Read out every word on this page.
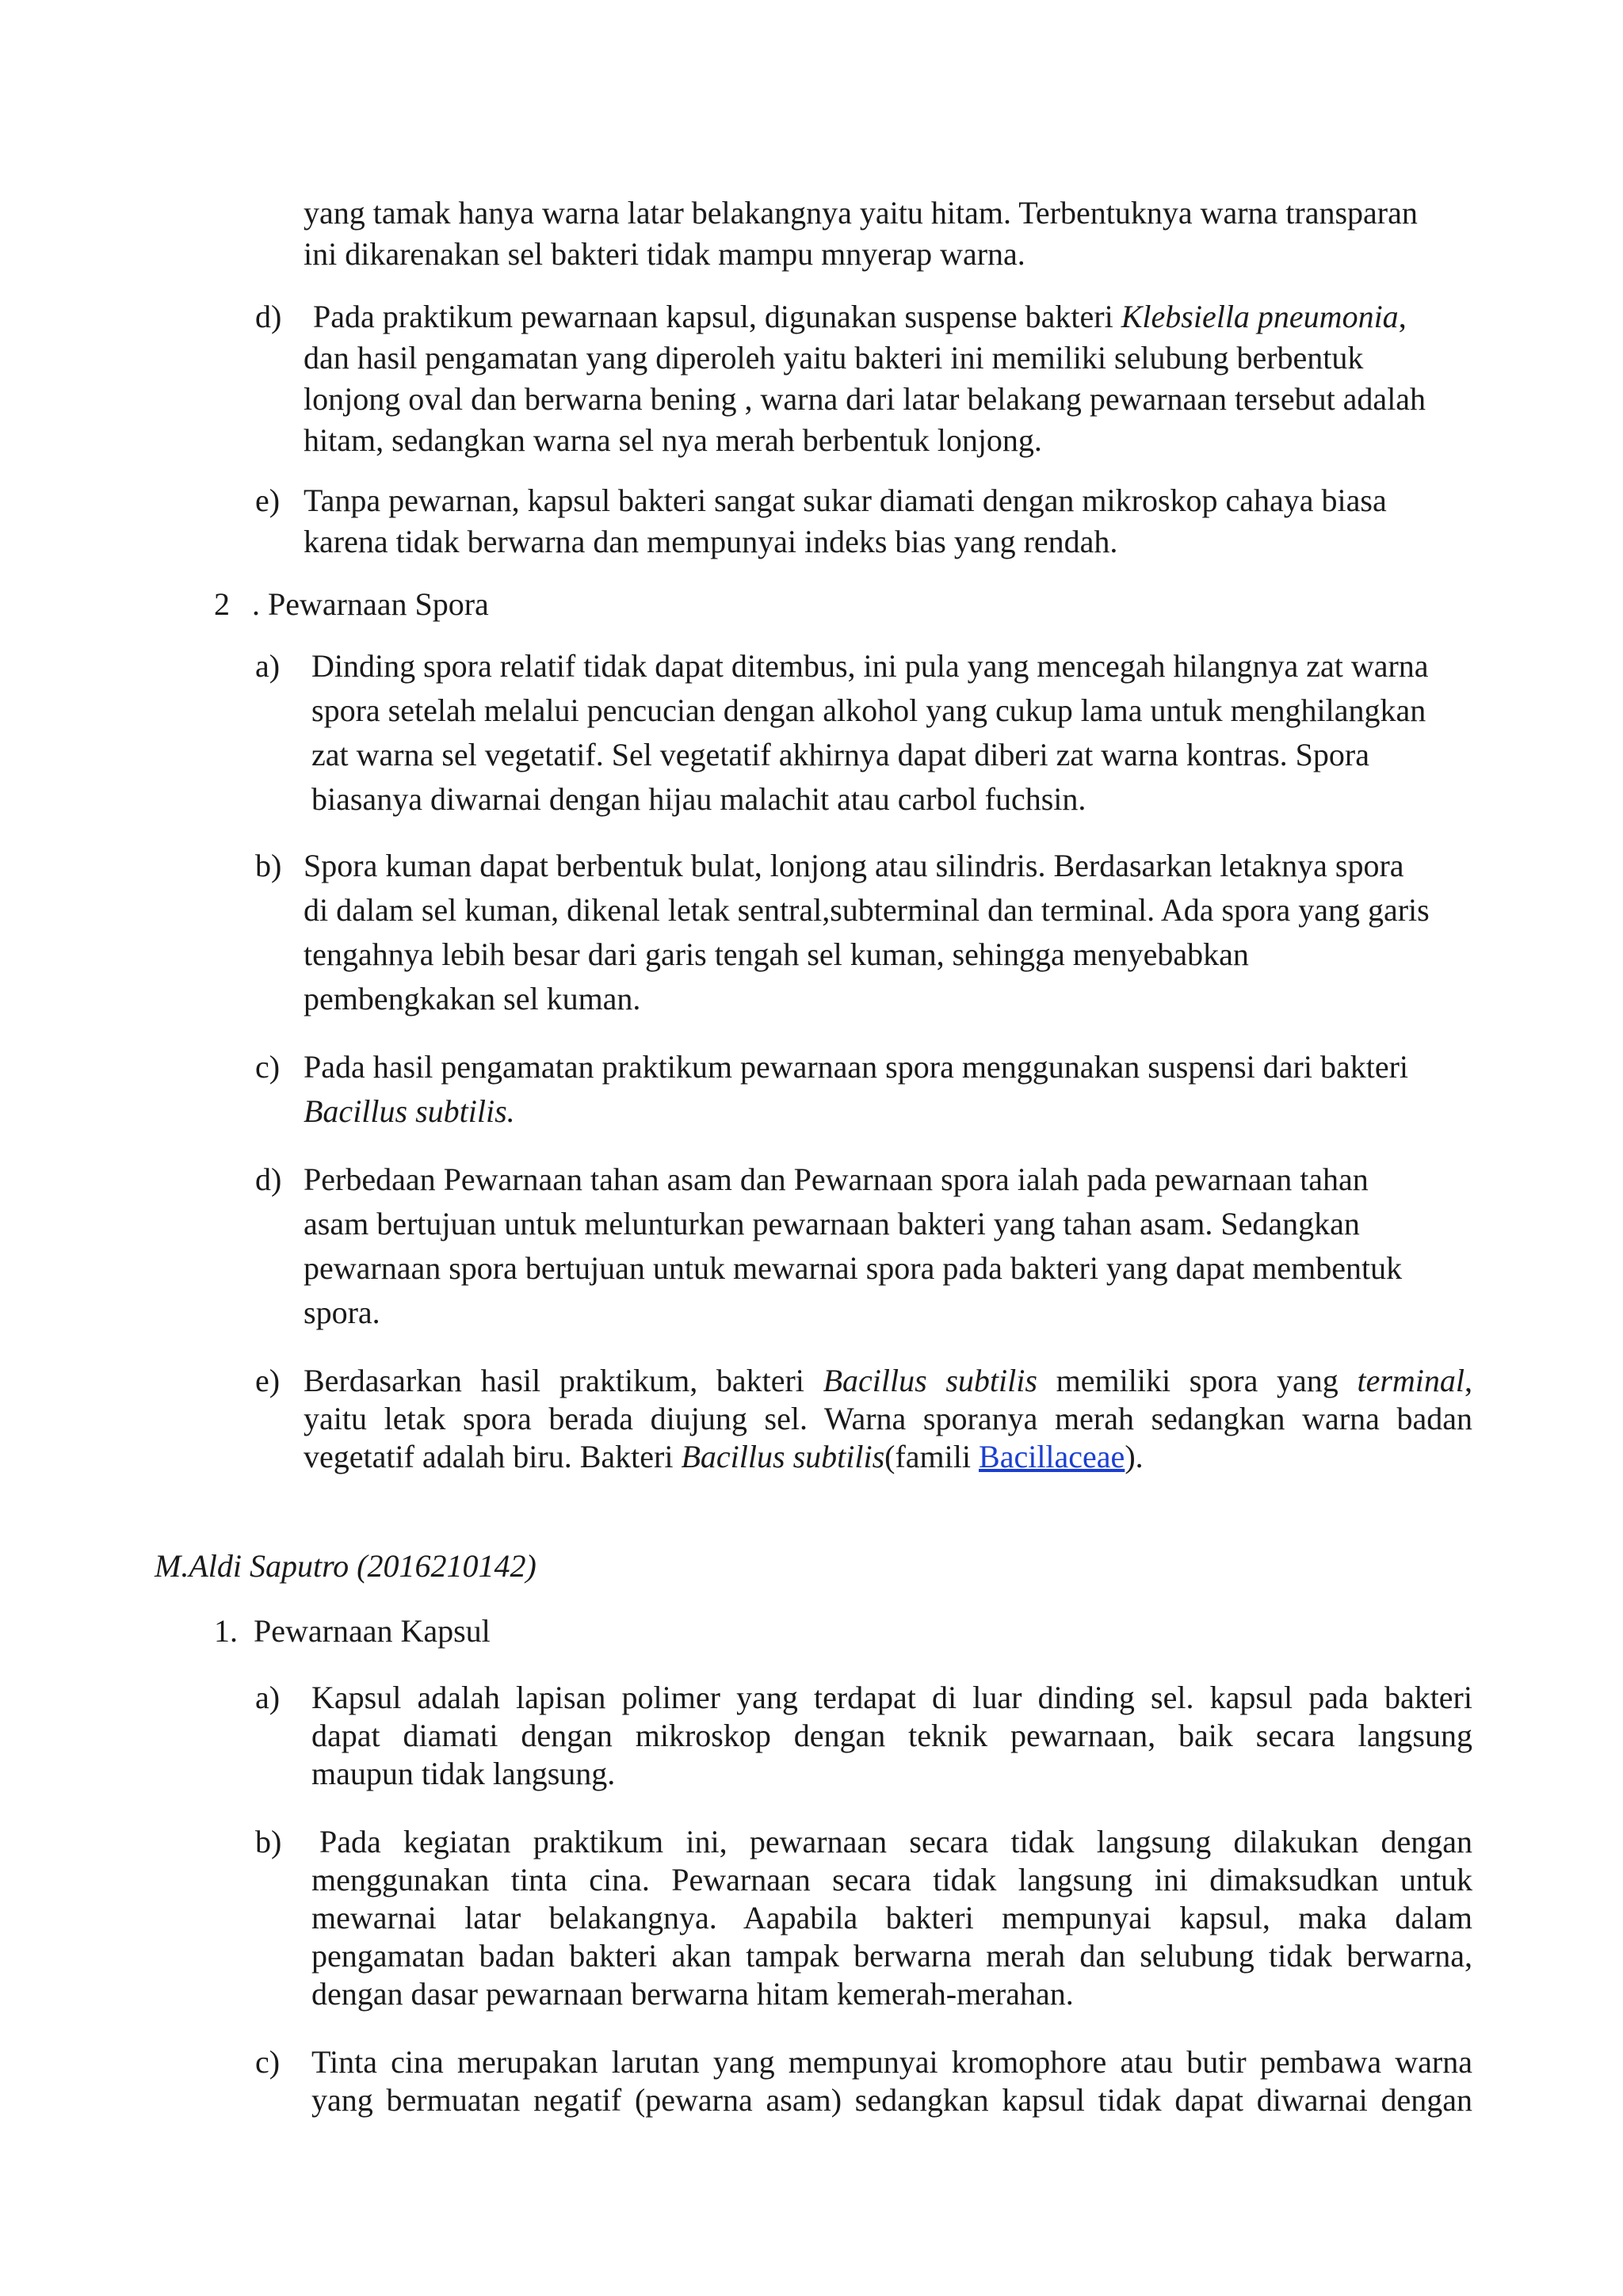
yang tamak hanya warna latar belakangnya yaitu hitam. Terbentuknya warna transparan
ini dikarenakan sel bakteri tidak mampu mnyerap warna.
d) Pada praktikum pewarnaan kapsul, digunakan suspense bakteri Klebsiella pneumonia,
dan hasil pengamatan yang diperoleh yaitu bakteri ini memiliki selubung berbentuk
lonjong oval dan berwarna bening , warna dari latar belakang pewarnaan tersebut adalah
hitam, sedangkan warna sel nya merah berbentuk lonjong.
e) Tanpa pewarnan, kapsul bakteri sangat sukar diamati dengan mikroskop cahaya biasa
karena tidak berwarna dan mempunyai indeks bias yang rendah.
2 . Pewarnaan Spora
a) Dinding spora relatif tidak dapat ditembus, ini pula yang mencegah hilangnya zat warna
spora setelah melalui pencucian dengan alkohol yang cukup lama untuk menghilangkan
zat warna sel vegetatif. Sel vegetatif akhirnya dapat diberi zat warna kontras. Spora
biasanya diwarnai dengan hijau malachit atau carbol fuchsin.
b) Spora kuman dapat berbentuk bulat, lonjong atau silindris. Berdasarkan letaknya spora
di dalam sel kuman, dikenal letak sentral,subterminal dan terminal. Ada spora yang garis
tengahnya lebih besar dari garis tengah sel kuman, sehingga menyebabkan
pembengkakan sel kuman.
c) Pada hasil pengamatan praktikum pewarnaan spora menggunakan suspensi dari bakteri
Bacillus subtilis.
d) Perbedaan Pewarnaan tahan asam dan Pewarnaan spora ialah pada pewarnaan tahan
asam bertujuan untuk melunturkan pewarnaan bakteri yang tahan asam. Sedangkan
pewarnaan spora bertujuan untuk mewarnai spora pada bakteri yang dapat membentuk
spora.
e) Berdasarkan hasil praktikum, bakteri Bacillus subtilis memiliki spora yang terminal,
yaitu letak spora berada diujung sel. Warna sporanya merah sedangkan warna badan
vegetatif adalah biru. Bakteri Bacillus subtilis(famili Bacillaceae).
M.Aldi Saputro (2016210142)
1. Pewarnaan Kapsul
a) Kapsul adalah lapisan polimer yang terdapat di luar dinding sel. kapsul pada bakteri
dapat diamati dengan mikroskop dengan teknik pewarnaan, baik secara langsung
maupun tidak langsung.
b) Pada kegiatan praktikum ini, pewarnaan secara tidak langsung dilakukan dengan
menggunakan tinta cina. Pewarnaan secara tidak langsung ini dimaksudkan untuk
mewarnai latar belakangnya. Aapabila bakteri mempunyai kapsul, maka dalam
pengamatan badan bakteri akan tampak berwarna merah dan selubung tidak berwarna,
dengan dasar pewarnaan berwarna hitam kemerah-merahan.
c) Tinta cina merupakan larutan yang mempunyai kromophore atau butir pembawa warna
yang bermuatan negatif (pewarna asam) sedangkan kapsul tidak dapat diwarnai dengan
